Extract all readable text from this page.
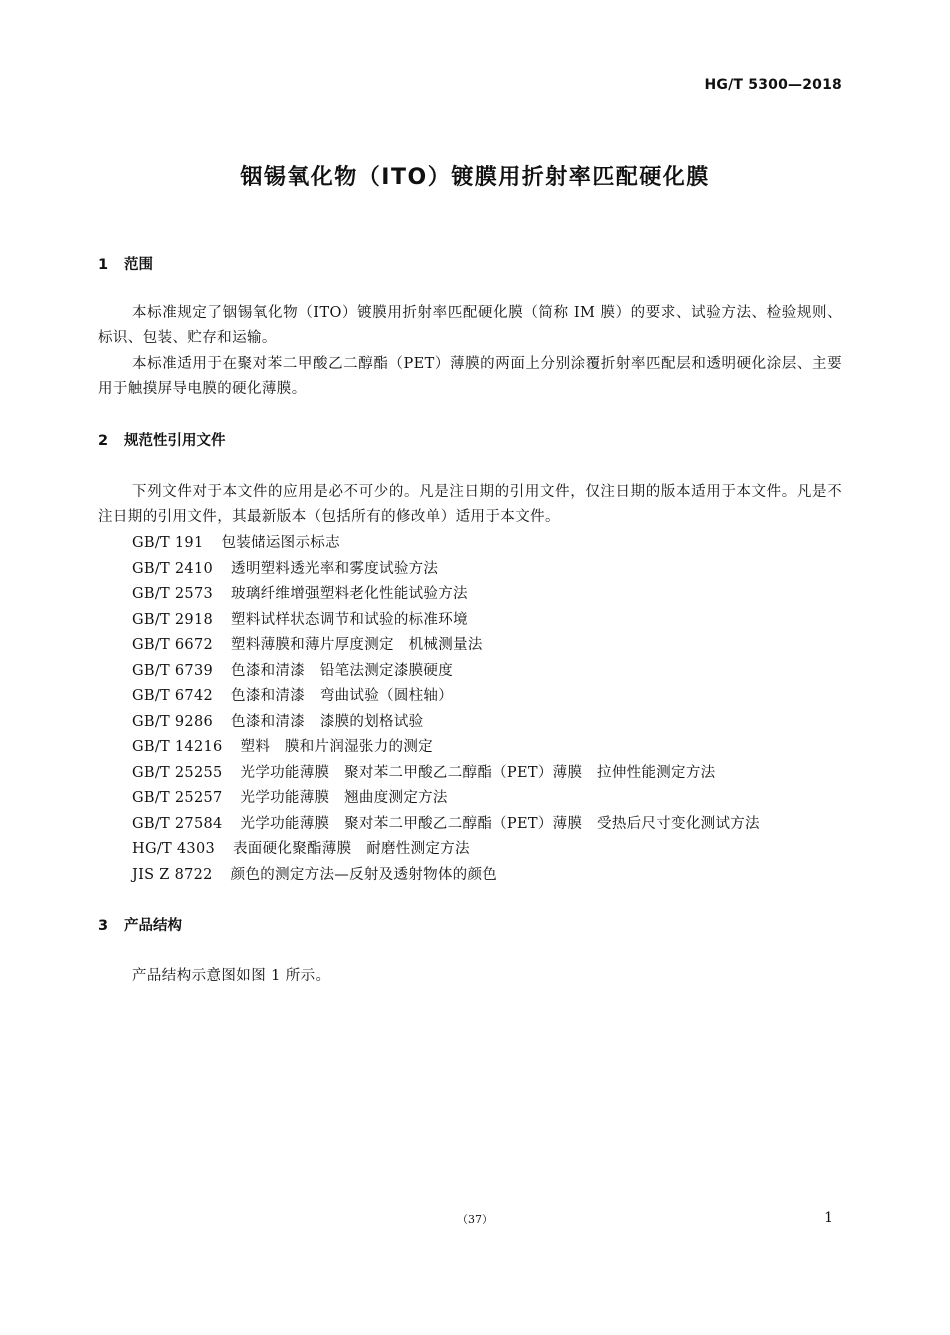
HG/T 5300—2018
铟锡氧化物（ITO）镀膜用折射率匹配硬化膜
1 范围

本标准规定了铟锡氧化物（ITO）镀膜用折射率匹配硬化膜（简称 IM 膜）的要求、试验方法、检验规则、标识、包装、贮存和运输。

本标准适用于在聚对苯二甲酸乙二醇酯（PET）薄膜的两面上分别涂覆折射率匹配层和透明硬化涂层、主要用于触摸屏导电膜的硬化薄膜。

2 规范性引用文件

下列文件对于本文件的应用是必不可少的。凡是注日期的引用文件，仅注日期的版本适用于本文件。凡是不注日期的引用文件，其最新版本（包括所有的修改单）适用于本文件。

GB/T 191 包装储运图示标志
GB/T 2410 透明塑料透光率和雾度试验方法
GB/T 2573 玻璃纤维增强塑料老化性能试验方法
GB/T 2918 塑料试样状态调节和试验的标准环境
GB/T 6672 塑料薄膜和薄片厚度测定　机械测量法
GB/T 6739 色漆和清漆　铅笔法测定漆膜硬度
GB/T 6742 色漆和清漆　弯曲试验（圆柱轴）
GB/T 9286 色漆和清漆　漆膜的划格试验
GB/T 14216 塑料　膜和片润湿张力的测定
GB/T 25255 光学功能薄膜　聚对苯二甲酸乙二醇酯（PET）薄膜　拉伸性能测定方法
GB/T 25257 光学功能薄膜　翘曲度测定方法
GB/T 27584 光学功能薄膜　聚对苯二甲酸乙二醇酯（PET）薄膜　受热后尺寸变化测试方法
HG/T 4303 表面硬化聚酯薄膜　耐磨性测定方法
JIS Z 8722 颜色的测定方法—反射及透射物体的颜色
3 产品结构

产品结构示意图如图 1 所示。

（37）	1
